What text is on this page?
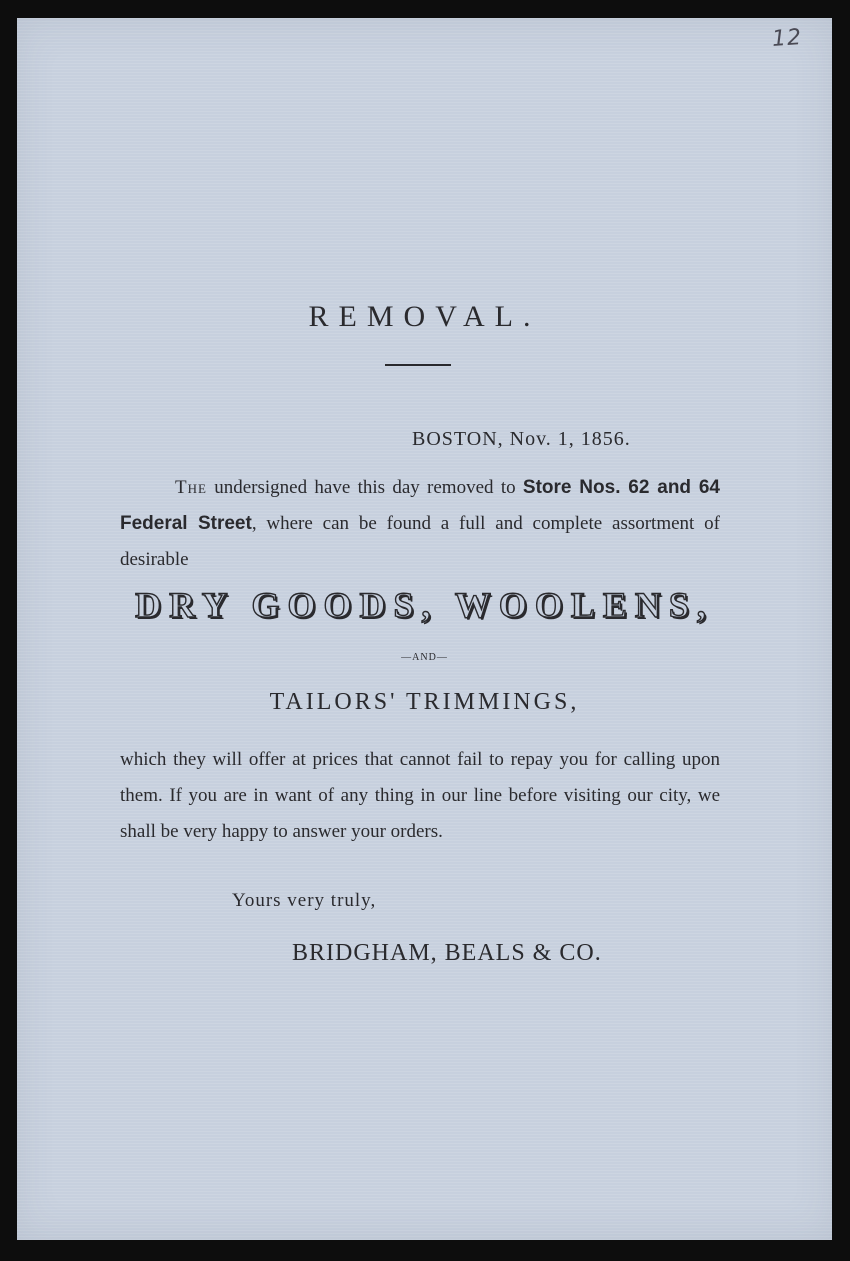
12
REMOVAL.
BOSTON, Nov. 1, 1856.
The undersigned have this day removed to Store Nos. 62 and 64 Federal Street, where can be found a full and complete assortment of desirable
DRY GOODS, WOOLENS,
—AND—
TAILORS' TRIMMINGS,
which they will offer at prices that cannot fail to repay you for calling upon them. If you are in want of any thing in our line before visiting our city, we shall be very happy to answer your orders.
Yours very truly,
BRIDGHAM, BEALS & CO.
